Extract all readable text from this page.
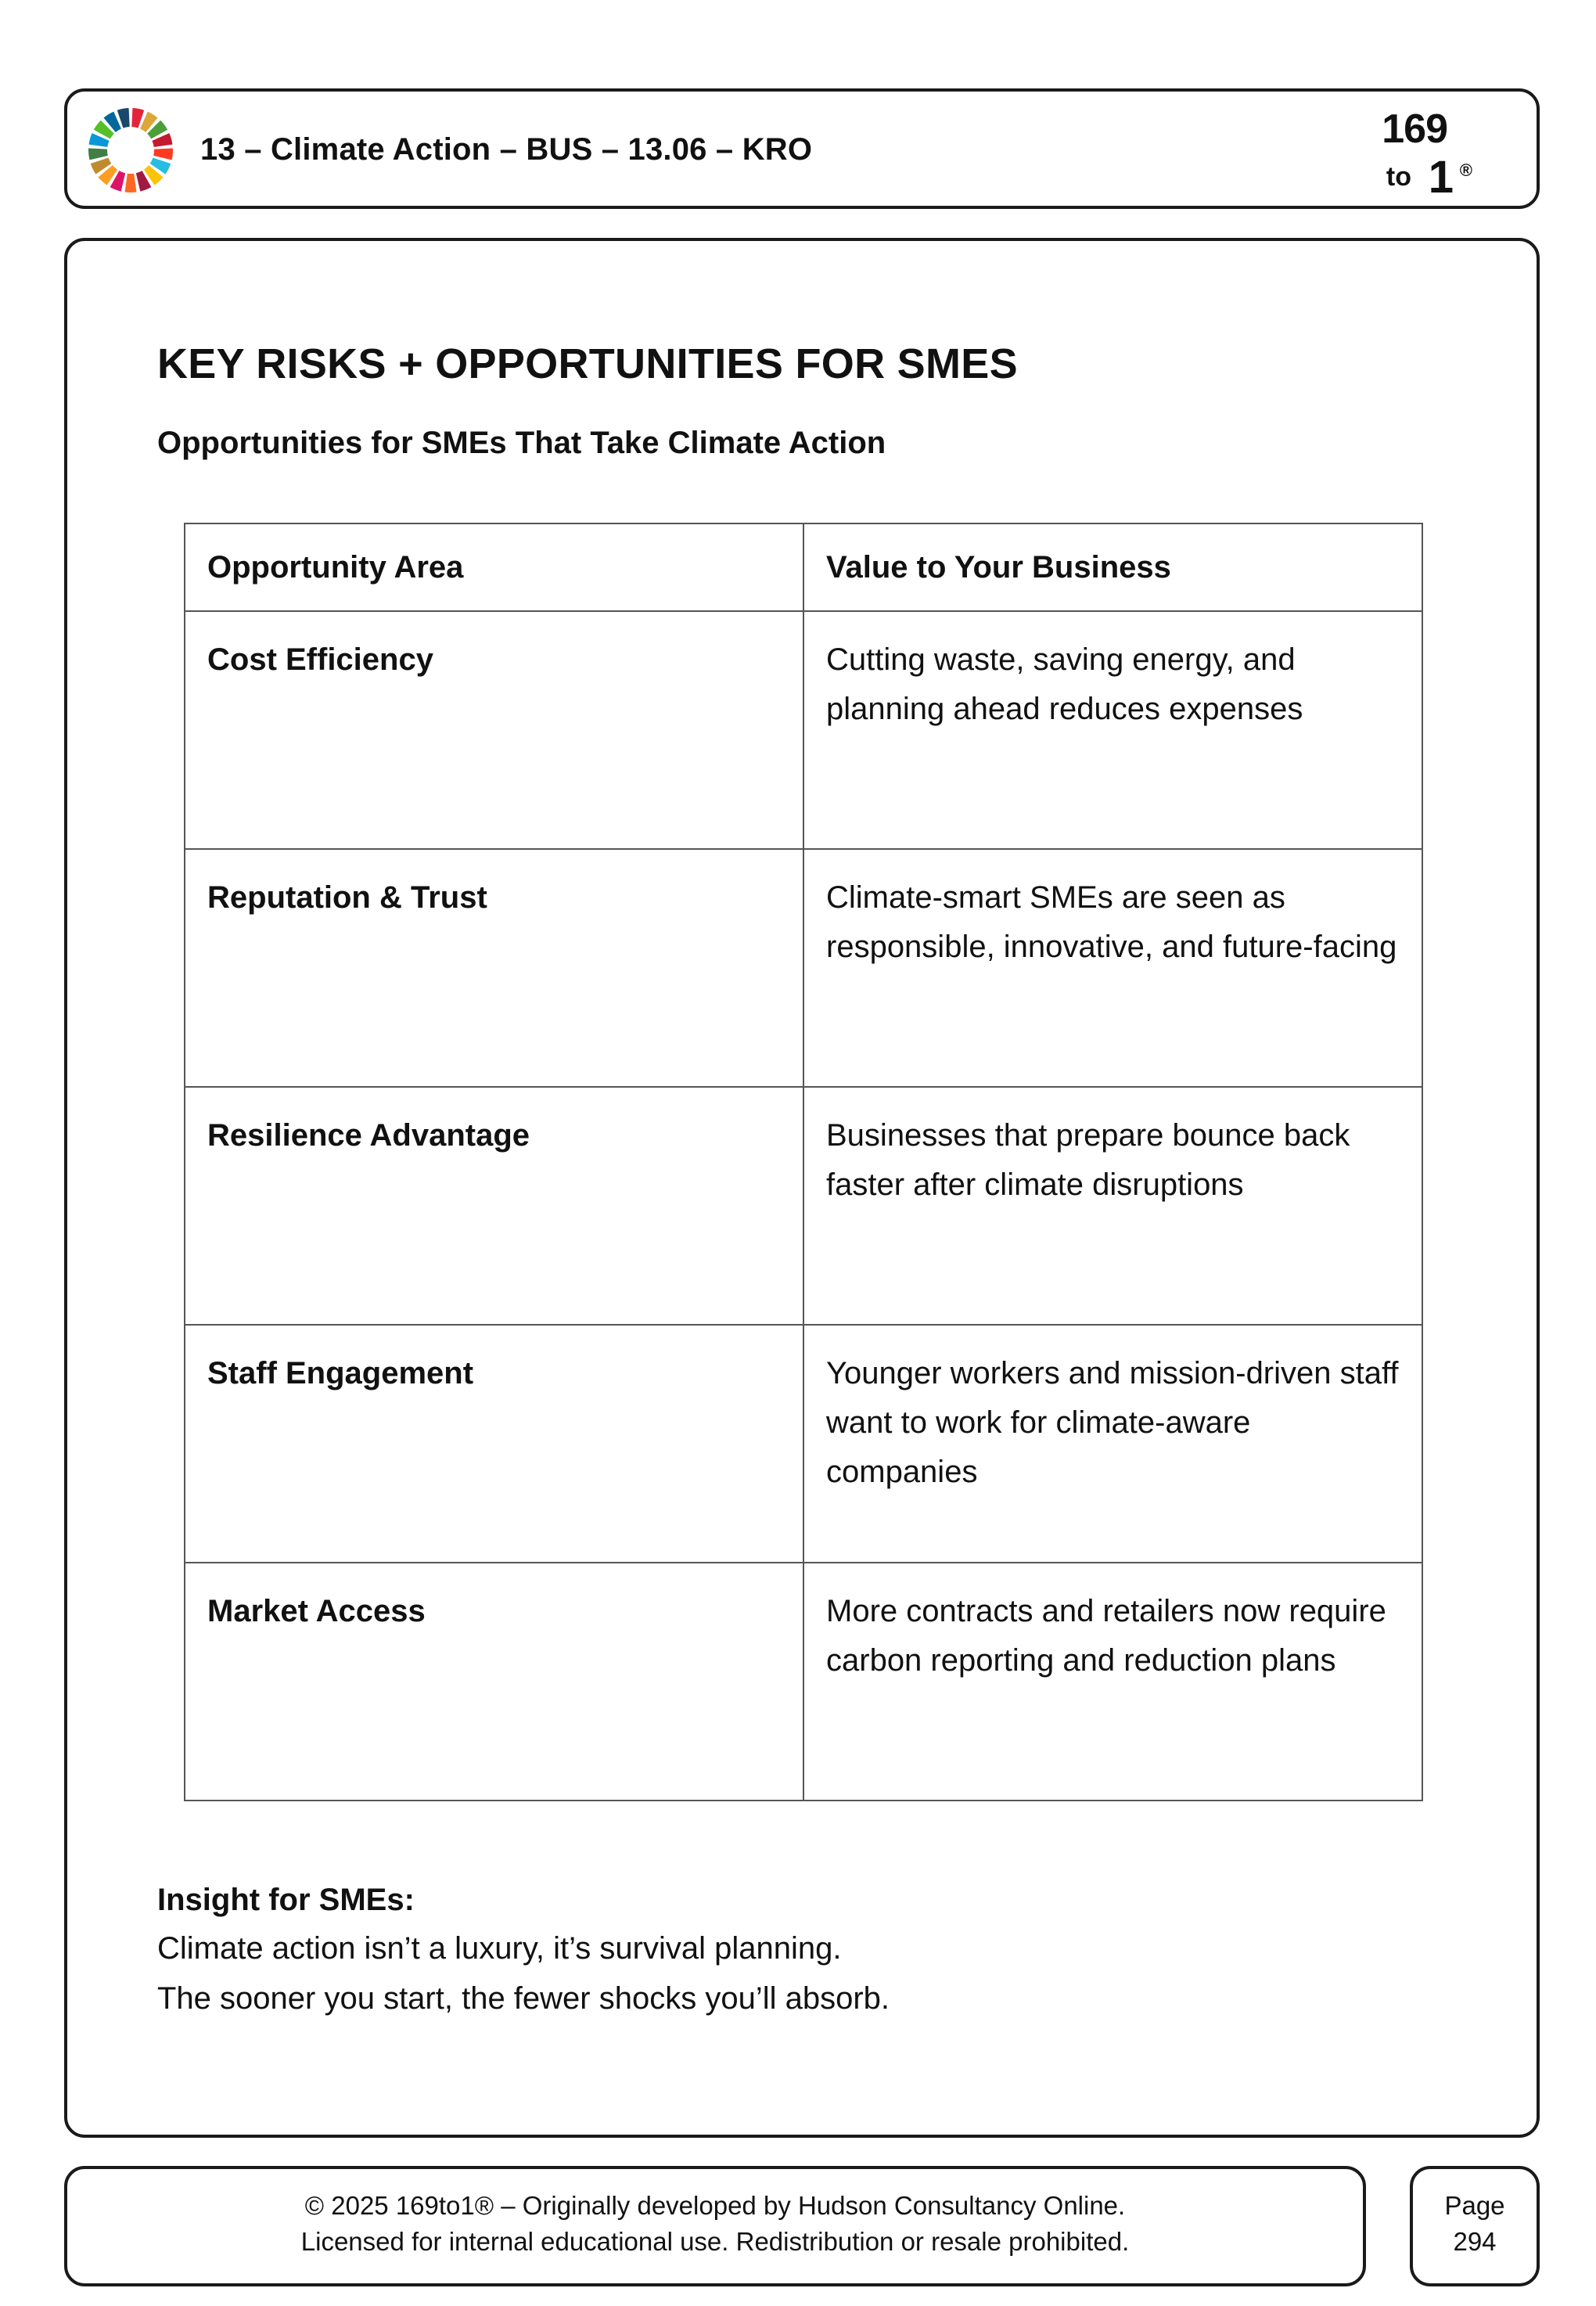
13 – Climate Action – BUS – 13.06 – KRO	169
to 1 ®
KEY RISKS + OPPORTUNITIES FOR SMES
Opportunities for SMEs That Take Climate Action
Opportunity Area	Value to Your Business
Cost Efficiency	Cutting waste, saving energy, and planning ahead reduces expenses
Reputation & Trust	Climate-smart SMEs are seen as responsible, innovative, and future-facing
Resilience Advantage	Businesses that prepare bounce back faster after climate disruptions
Staff Engagement	Younger workers and mission-driven staff want to work for climate-aware companies
Market Access	More contracts and retailers now require carbon reporting and reduction plans

Insight for SMEs:

Climate action isn’t a luxury, it’s survival planning.

The sooner you start, the fewer shocks you’ll absorb.

© 2025 169to1® – Originally developed by Hudson Consultancy Online.

Licensed for internal educational use. Redistribution or resale prohibited.

Page

294
